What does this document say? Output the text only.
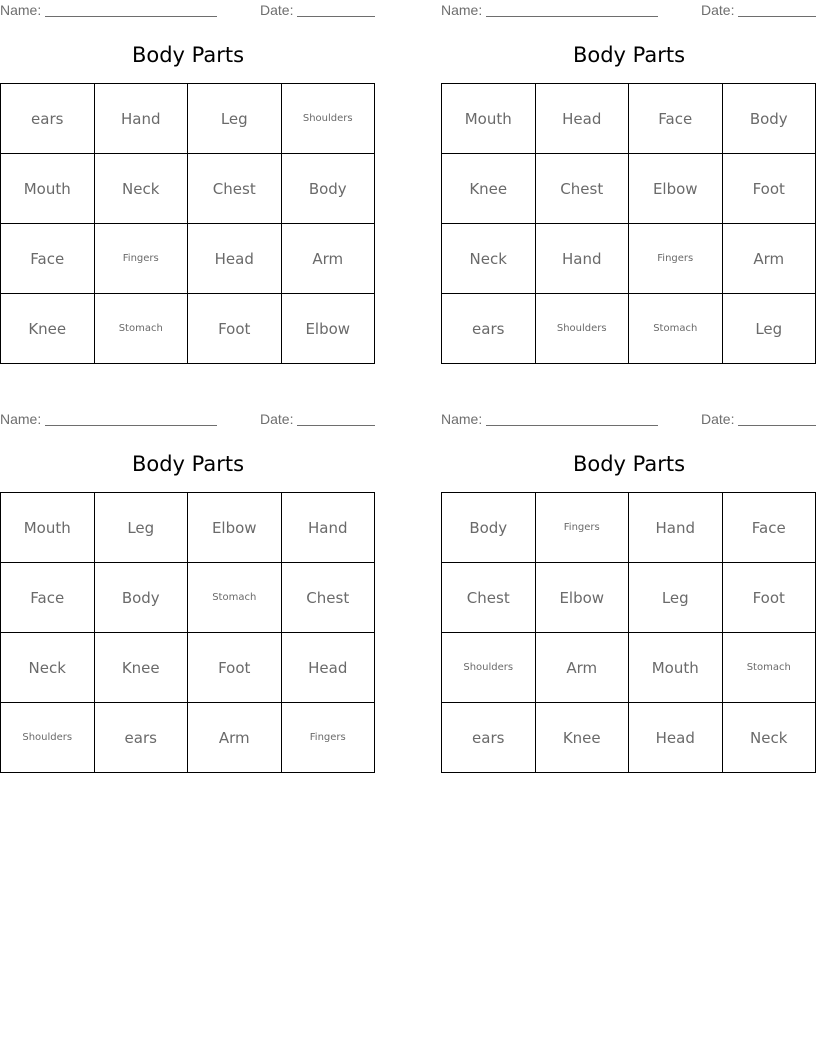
Name:	Date:
Body Parts
ears	Hand	Leg	Shoulders
Mouth	Neck	Chest	Body
Face	Fingers	Head	Arm
Knee	Stomach	Foot	Elbow
Name:	Date:
Body Parts
Mouth	Head	Face	Body
Knee	Chest	Elbow	Foot
Neck	Hand	Fingers	Arm
ears	Shoulders	Stomach	Leg
Name:	Date:
Body Parts
Mouth	Leg	Elbow	Hand
Face	Body	Stomach	Chest
Neck	Knee	Foot	Head
Shoulders	ears	Arm	Fingers
Name:	Date:
Body Parts
Body	Fingers	Hand	Face
Chest	Elbow	Leg	Foot
Shoulders	Arm	Mouth	Stomach
ears	Knee	Head	Neck
